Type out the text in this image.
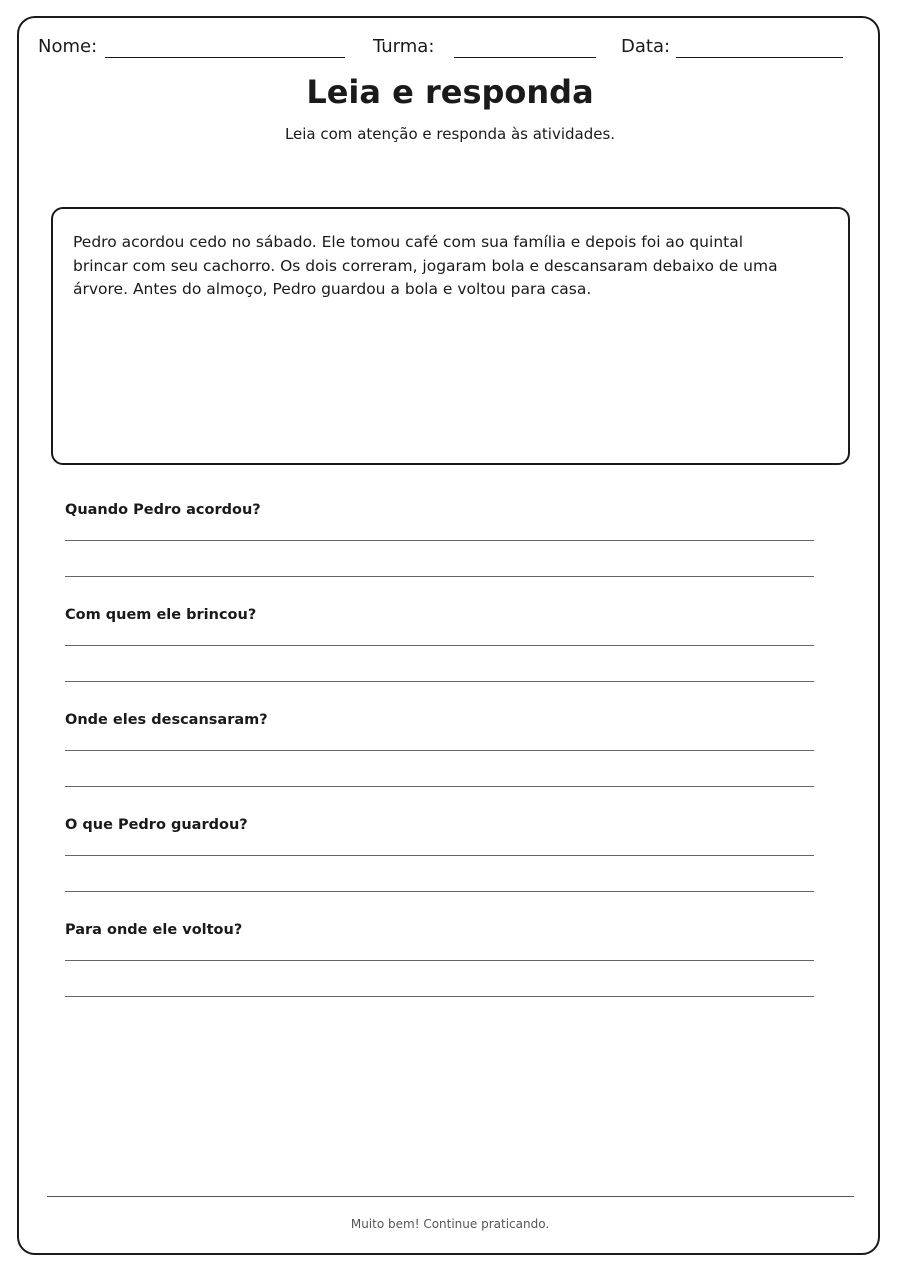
Nome:	Turma:	Data:
Leia e responda

Leia com atenção e responda às atividades.

Pedro acordou cedo no sábado. Ele tomou café com sua família e depois foi ao quintal brincar com seu cachorro. Os dois correram, jogaram bola e descansaram debaixo de uma árvore. Antes do almoço, Pedro guardou a bola e voltou para casa.

Quando Pedro acordou?

Com quem ele brincou?

Onde eles descansaram?

O que Pedro guardou?

Para onde ele voltou?

Muito bem! Continue praticando.
